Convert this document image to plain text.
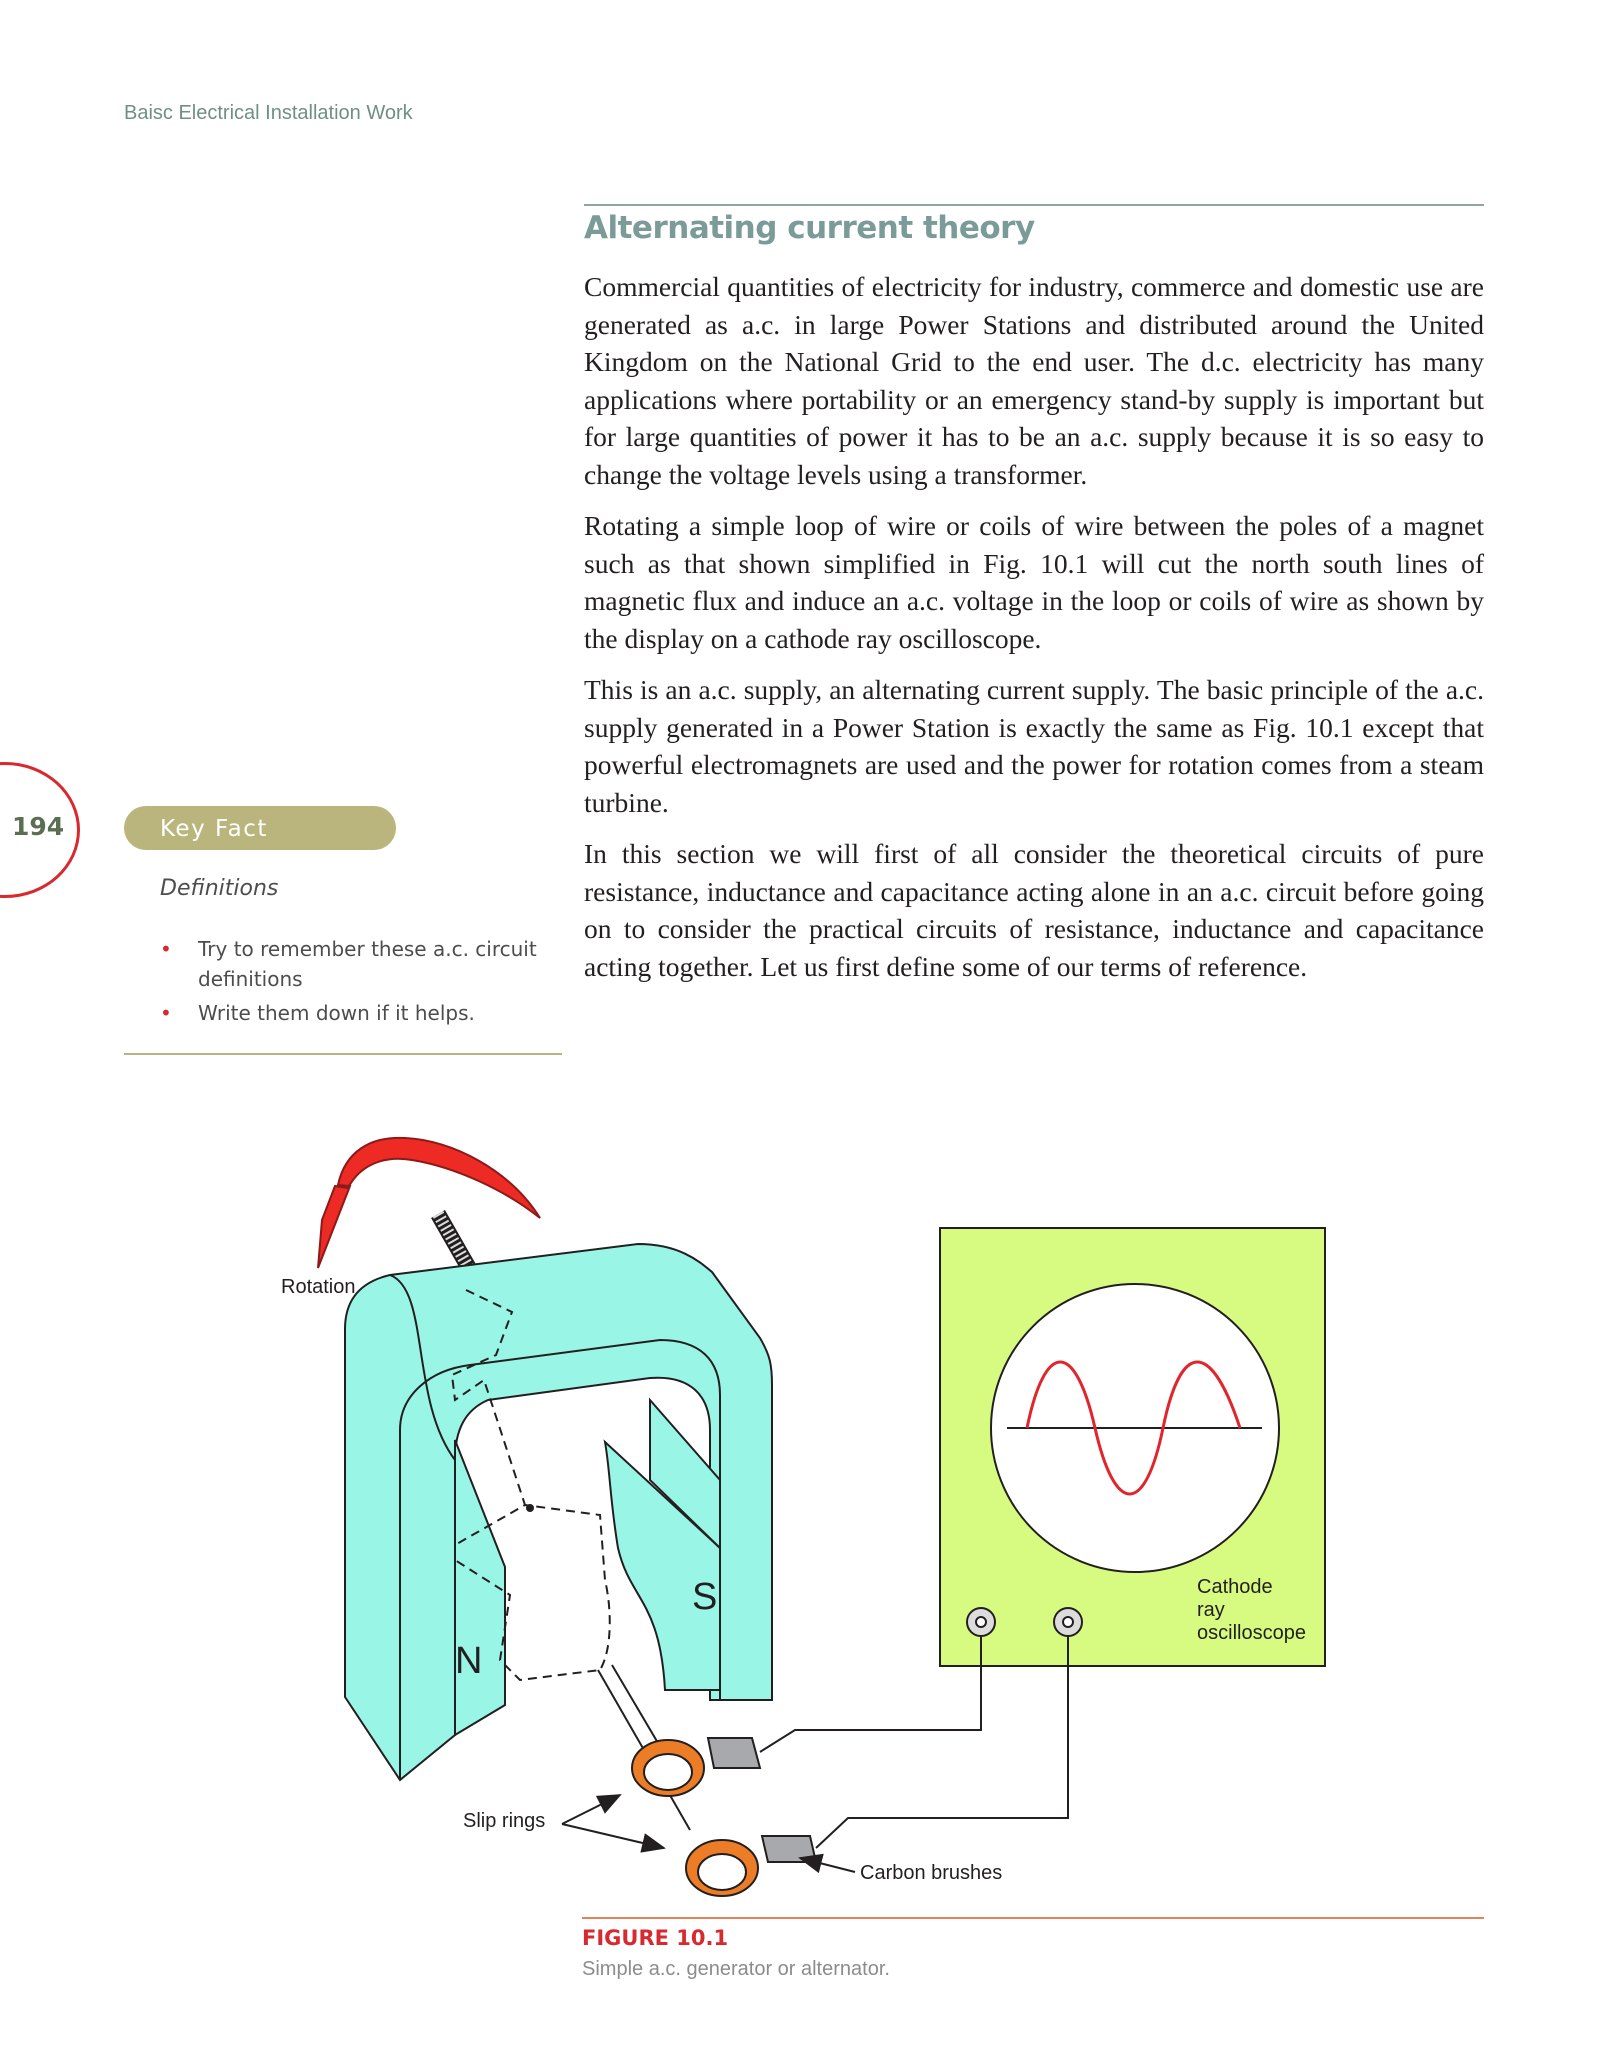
Baisc Electrical Installation Work
194
Alternating current theory

Commercial quantities of electricity for industry, commerce and domestic use are generated as a.c. in large Power Stations and distributed around the United Kingdom on the National Grid to the end user. The d.c. electricity has many applications where portability or an emergency stand-by supply is important but for large quantities of power it has to be an a.c. supply because it is so easy to change the voltage levels using a transformer.

Rotating a simple loop of wire or coils of wire between the poles of a magnet such as that shown simplified in Fig. 10.1 will cut the north south lines of magnetic flux and induce an a.c. voltage in the loop or coils of wire as shown by the display on a cathode ray oscilloscope.

This is an a.c. supply, an alternating current supply. The basic principle of the a.c. supply generated in a Power Station is exactly the same as Fig. 10.1 except that powerful electromagnets are used and the power for rotation comes from a steam turbine.

In this section we will first of all consider the theoretical circuits of pure resistance, inductance and capacitance acting alone in an a.c. circuit before going on to consider the practical circuits of resistance, inductance and capacitance acting together. Let us first define some of our terms of reference.

Key Fact
Definitions
• Try to remember these a.c. circuit definitions
• Write them down if it helps.
Rotation
N
S	Cathode
ray
oscilloscope
Slip rings
Carbon brushes
FIGURE 10.1
Simple a.c. generator or alternator.
